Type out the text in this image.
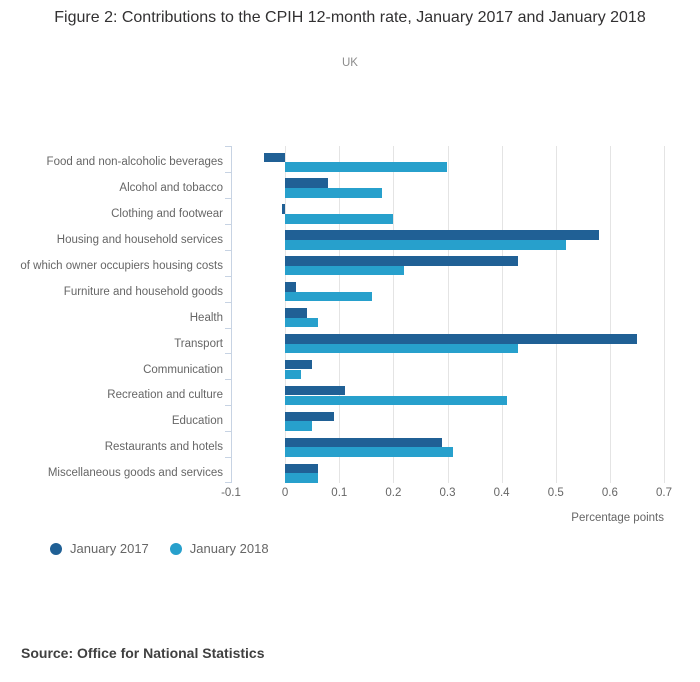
Figure 2: Contributions to the CPIH 12-month rate, January 2017 and January 2018
UK
Food and non-alcoholic beverages
Alcohol and tobacco
Clothing and footwear
Housing and household services
of which owner occupiers housing costs
Furniture and household goods
Health
Transport
Communication
Recreation and culture
Education
Restaurants and hotels
Miscellaneous goods and services
-0.1	0	0.1	0.2	0.3	0.4	0.5	0.6	0.7
Percentage points
January 2017	January 2018
Source: Office for National Statistics
